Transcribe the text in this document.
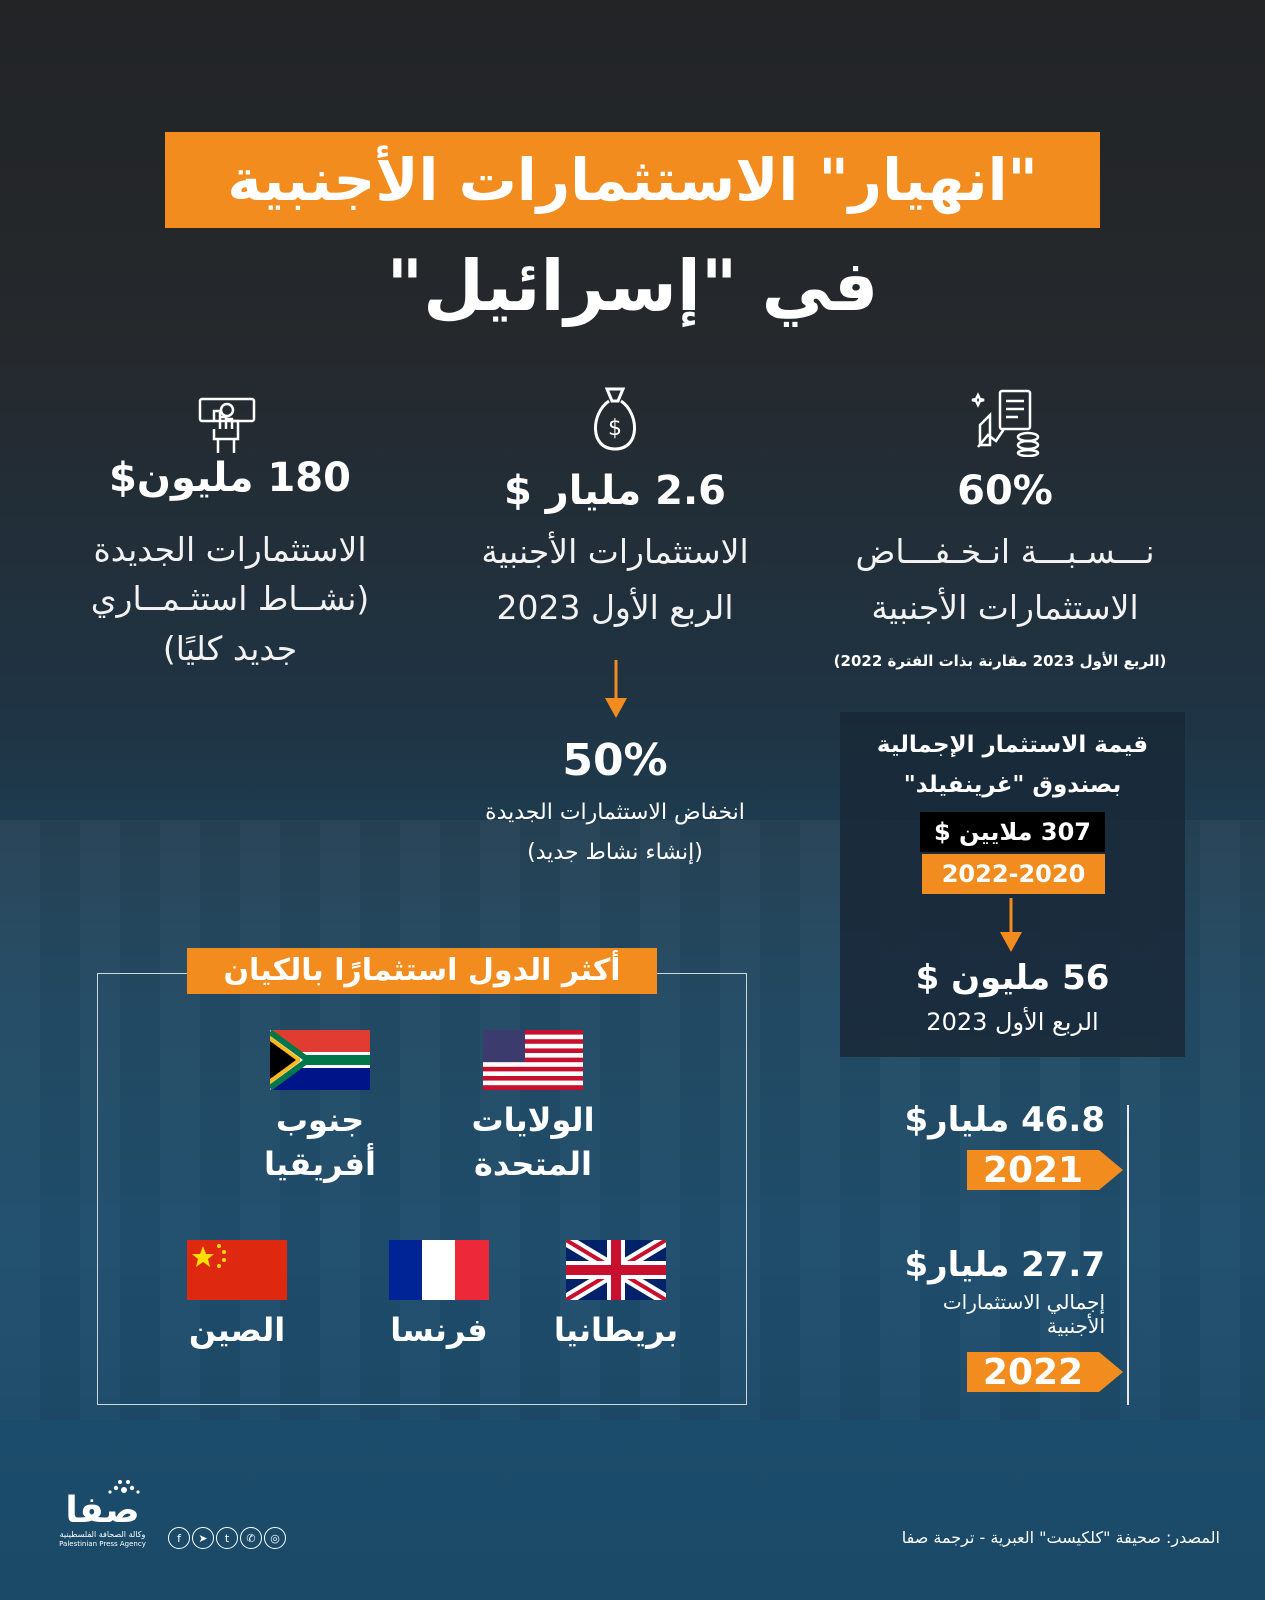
"انهيار" الاستثمارات الأجنبية
في "إسرائيل"
60%
نـــسـبـــة انـخـفـــاض
الاستثمارات الأجنبية
(الربع الأول 2023 مقارنة بذات الفترة 2022)
$
2.6 مليار $
الاستثمارات الأجنبية
الربع الأول 2023
180 مليون$
الاستثمارات الجديدة
(نشــاط استثـمــاري
جديد كليًا)
50%
انخفاض الاستثمارات الجديدة
(إنشاء نشاط جديد)
قيمة الاستثمار الإجمالية
بصندوق "غرينفيلد"
307 ملايين $
2022-2020
56 مليون $
الربع الأول 2023
46.8 مليار$
2021
27.7 مليار$
إجمالي الاستثمارات
الأجنبية
2022
أكثر الدول استثمارًا بالكيان
الولايات المتحدة
جنوب أفريقيا
بريطانيا
فرنسا
الصين
المصدر: صحيفة "كلكيست" العبرية - ترجمة صفا
صفا
وكالة الصحافة الفلسطينية
Palestinian Press Agency	f	➤	t	✆	◎
